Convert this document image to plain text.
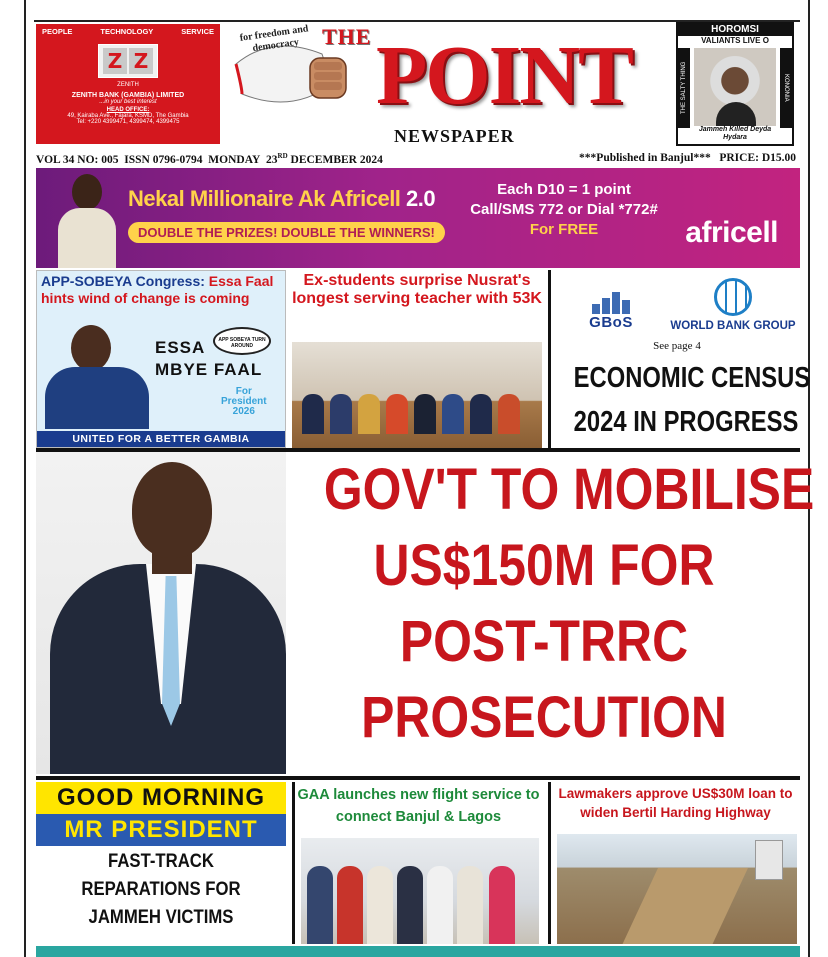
PEOPLE	TECHNOLOGY	SERVICE
Z Z
ZENITH
ZENITH BANK (GAMBIA) LIMITED
...in your best interest
HEAD OFFICE:
49, Kairaba Ave., Fajara, KSMD, The Gambia
Tel: +220 4399471, 4399474, 4399475
for freedom and democracy	THE POINT
NEWSPAPER
HOROMSI
VALIANTS LIVE O
THE SALTY THING	KONONIA
Jammeh Killed Deyda Hydara
VOL 34 NO: 005 ISSN 0796-0794 MONDAY 23RD DECEMBER 2024	***Published in Banjul*** PRICE: D15.00
Nekal Millionaire Ak Africell 2.0
DOUBLE THE PRIZES! DOUBLE THE WINNERS!
Each D10 = 1 point
Call/SMS 772 or Dial *772#
For FREE	africell
APP-SOBEYA Congress: Essa Faal hints wind of change is coming
APP SOBEYA TURN AROUND
ESSA
MBYE FAAL
For
President
2026
UNITED FOR A BETTER GAMBIA
Ex-students surprise Nusrat's longest serving teacher with 53K
GBoS	WORLD BANK GROUP
See page 4
ECONOMIC CENSUS
2024 IN PROGRESS
GOV'T TO MOBILISE
US$150M FOR
POST-TRRC
PROSECUTION
GOOD MORNING
MR PRESIDENT
FAST-TRACK
REPARATIONS FOR
JAMMEH VICTIMS
GAA launches new flight service to connect Banjul & Lagos
Lawmakers approve US$30M loan to widen Bertil Harding Highway
